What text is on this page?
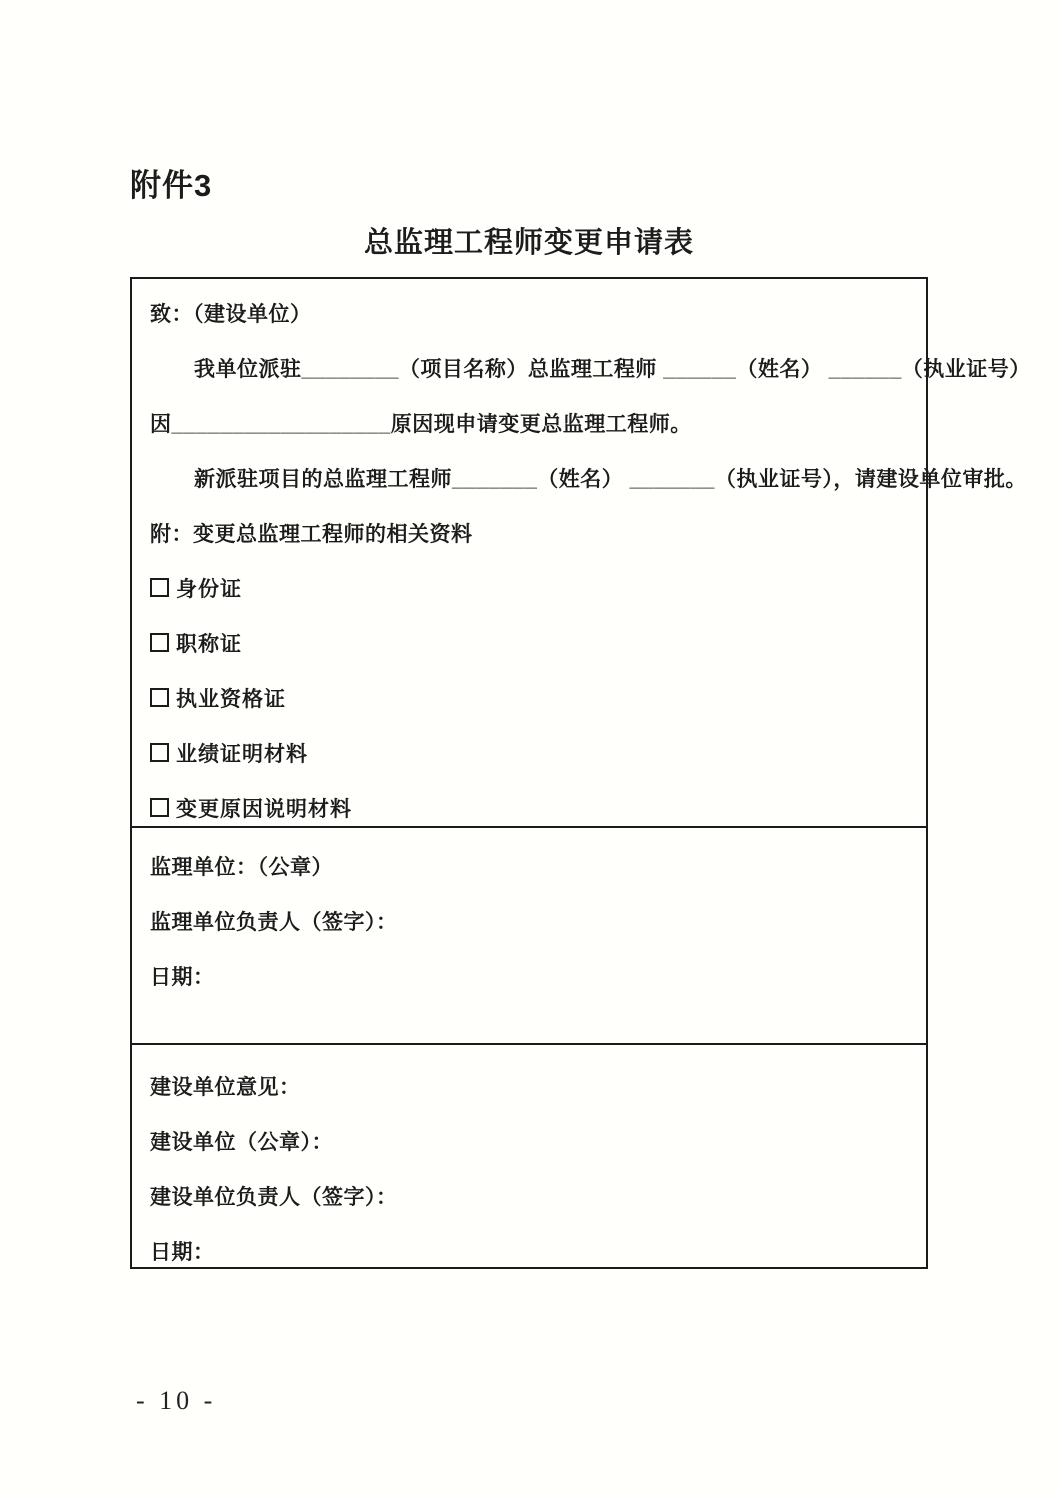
附件3
总监理工程师变更申请表
致：（建设单位）
我单位派驻________（项目名称）总监理工程师 ______（姓名） ______（执业证号）
因__________________原因现申请变更总监理工程师。
新派驻项目的总监理工程师_______（姓名） _______（执业证号），请建设单位审批。
附：变更总监理工程师的相关资料
身份证
职称证
执业资格证
业绩证明材料
变更原因说明材料
监理单位：（公章）
监理单位负责人（签字）：
日期：
建设单位意见：
建设单位（公章）：
建设单位负责人（签字）：
日期：
- 10 -
